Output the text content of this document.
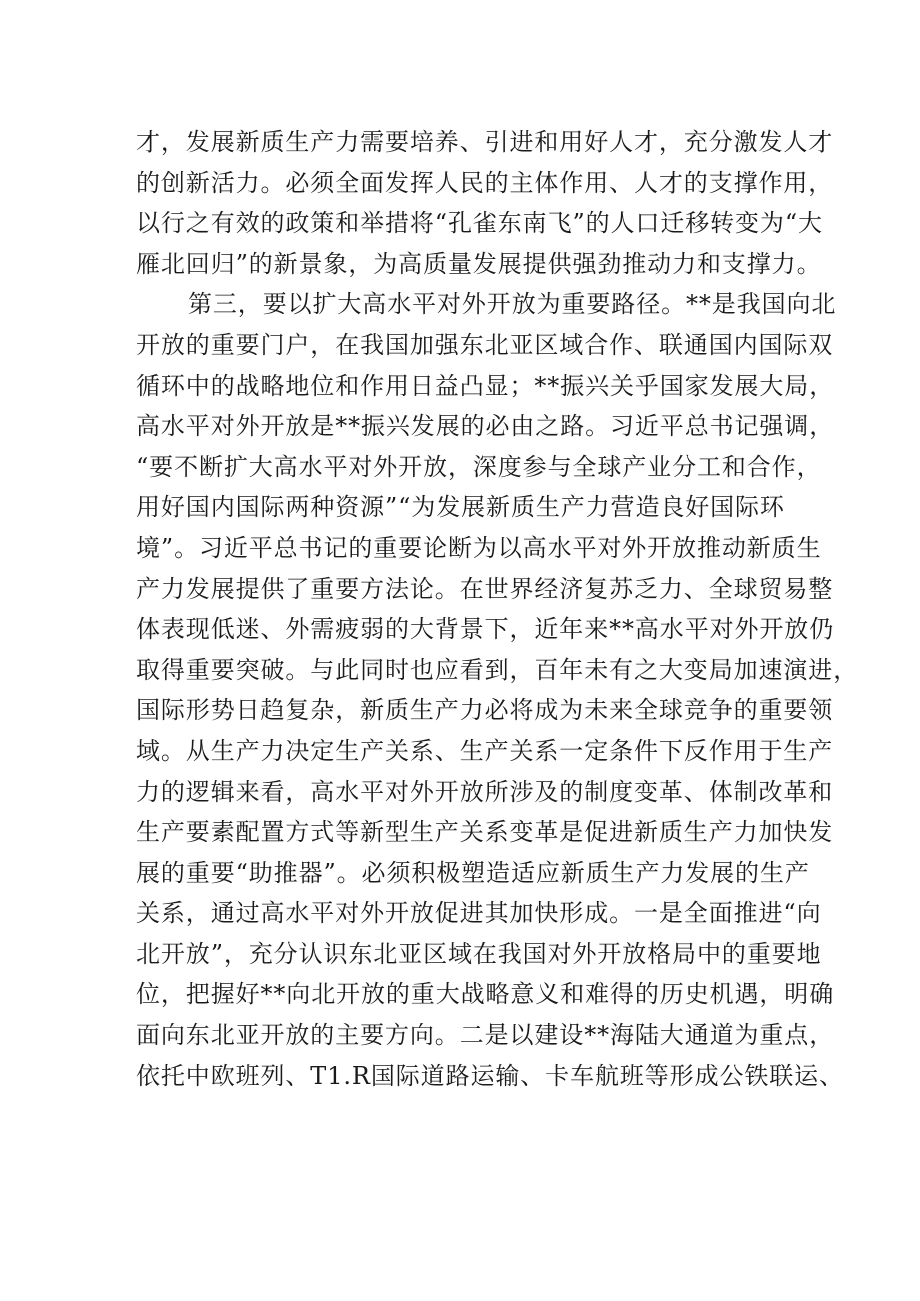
才，发展新质生产力需要培养、引进和用好人才，充分激发人才
的创新活力。必须全面发挥人民的主体作用、人才的支撑作用，
以行之有效的政策和举措将“孔雀东南飞”的人口迁移转变为“大
雁北回归”的新景象，为高质量发展提供强劲推动力和支撑力。
第三，要以扩大高水平对外开放为重要路径。**是我国向北
开放的重要门户，在我国加强东北亚区域合作、联通国内国际双
循环中的战略地位和作用日益凸显；**振兴关乎国家发展大局，
高水平对外开放是**振兴发展的必由之路。习近平总书记强调，
“要不断扩大高水平对外开放，深度参与全球产业分工和合作，
用好国内国际两种资源”“为发展新质生产力营造良好国际环
境”。习近平总书记的重要论断为以高水平对外开放推动新质生
产力发展提供了重要方法论。在世界经济复苏乏力、全球贸易整
体表现低迷、外需疲弱的大背景下，近年来**高水平对外开放仍
取得重要突破。与此同时也应看到，百年未有之大变局加速演进，
国际形势日趋复杂，新质生产力必将成为未来全球竞争的重要领
域。从生产力决定生产关系、生产关系一定条件下反作用于生产
力的逻辑来看，高水平对外开放所涉及的制度变革、体制改革和
生产要素配置方式等新型生产关系变革是促进新质生产力加快发
展的重要“助推器”。必须积极塑造适应新质生产力发展的生产
关系，通过高水平对外开放促进其加快形成。一是全面推进“向
北开放”，充分认识东北亚区域在我国对外开放格局中的重要地
位，把握好**向北开放的重大战略意义和难得的历史机遇，明确
面向东北亚开放的主要方向。二是以建设**海陆大通道为重点，
依托中欧班列、T1.R国际道路运输、卡车航班等形成公铁联运、
